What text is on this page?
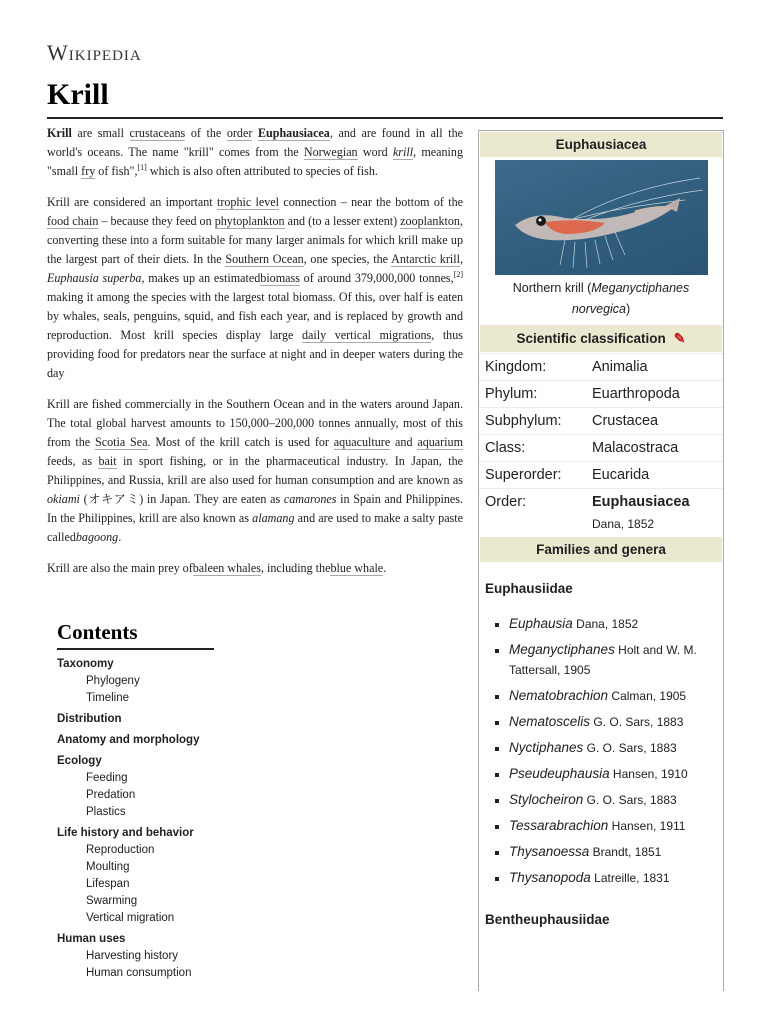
Wikipedia
Krill

Krill are small crustaceans of the order Euphausiacea, and are found in all the world's oceans. The name "krill" comes from the Norwegian word krill, meaning "small fry of fish",[1] which is also often attributed to species of fish.

Krill are considered an important trophic level connection – near the bottom of the food chain – because they feed on phytoplankton and (to a lesser extent) zooplankton, converting these into a form suitable for many larger animals for which krill make up the largest part of their diets. In the Southern Ocean, one species, the Antarctic krill, Euphausia superba, makes up an estimatedbiomass of around 379,000,000 tonnes,[2] making it among the species with the largest total biomass. Of this, over half is eaten by whales, seals, penguins, squid, and fish each year, and is replaced by growth and reproduction. Most krill species display large daily vertical migrations, thus providing food for predators near the surface at night and in deeper waters during the day

Krill are fished commercially in the Southern Ocean and in the waters around Japan. The total global harvest amounts to 150,000–200,000 tonnes annually, most of this from the Scotia Sea. Most of the krill catch is used for aquaculture and aquarium feeds, as bait in sport fishing, or in the pharmaceutical industry. In Japan, the Philippines, and Russia, krill are also used for human consumption and are known as okiami (オキアミ) in Japan. They are eaten as camarones in Spain and Philippines. In the Philippines, krill are also known as alamang and are used to make a salty paste calledbagoong.

Krill are also the main prey ofbaleen whales, including theblue whale.

Contents
Taxonomy
Phylogeny
Timeline
Distribution
Anatomy and morphology
Ecology
Feeding
Predation
Plastics
Life history and behavior
Reproduction
Moulting
Lifespan
Swarming
Vertical migration
Human uses
Harvesting history
Human consumption
Euphausiacea
Northern krill (Meganyctiphanes norvegica)
Scientific classification ✎
Kingdom:	Animalia
Phylum:	Euarthropoda
Subphylum:	Crustacea
Class:	Malacostraca
Superorder:	Eucarida
Order:	Euphausiacea
Dana, 1852
Families and genera
Euphausiidae
Euphausia Dana, 1852
Meganyctiphanes Holt and W. M. Tattersall, 1905
Nematobrachion Calman, 1905
Nematoscelis G. O. Sars, 1883
Nyctiphanes G. O. Sars, 1883
Pseudeuphausia Hansen, 1910
Stylocheiron G. O. Sars, 1883
Tessarabrachion Hansen, 1911
Thysanoessa Brandt, 1851
Thysanopoda Latreille, 1831
Bentheuphausiidae
